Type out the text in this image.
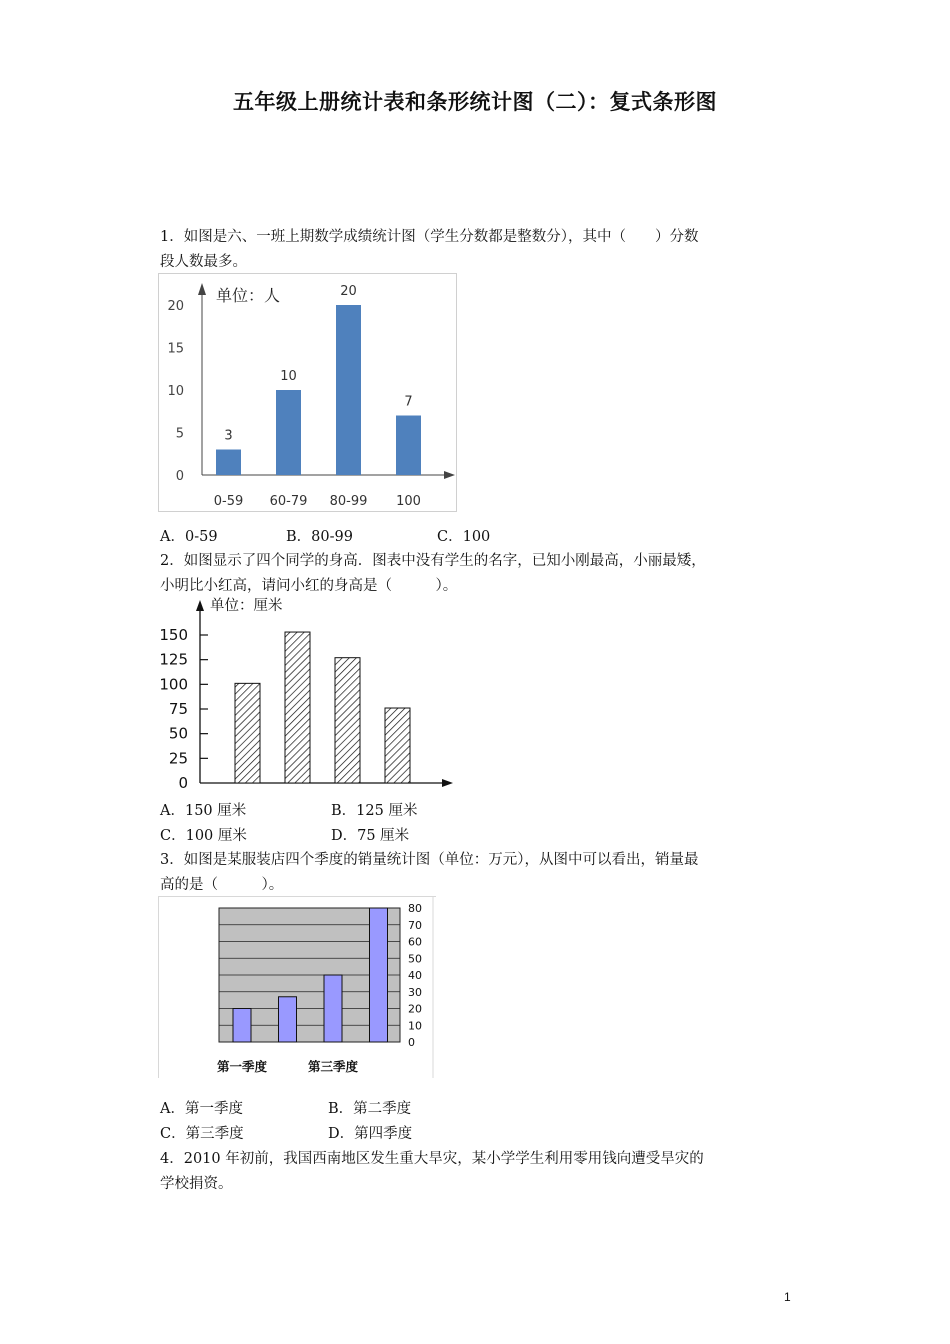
五年级上册统计表和条形统计图（二）：复式条形图
1．如图是六、一班上期数学成绩统计图（学生分数都是整数分），其中（　　）分数
段人数最多。
0
5
10
15
20
单位：人
3
0-59
10
60-79
20
80-99
7
100
A．0-59	B．80-99	C．100
2．如图显示了四个同学的身高．图表中没有学生的名字，已知小刚最高，小丽最矮，
小明比小红高，请问小红的身高是（　　　）。
单位：厘米
0
25
50
75
100
125
150
A．150 厘米	B．125 厘米
C．100 厘米	D．75 厘米
3．如图是某服装店四个季度的销量统计图（单位：万元），从图中可以看出，销量最
高的是（　　　）。
0
10
20
30
40
50
60
70
80
第一季度	第三季度
A．第一季度	B．第二季度
C．第三季度	D．第四季度
4．2010 年初前，我国西南地区发生重大旱灾，某小学学生利用零用钱向遭受旱灾的
学校捐资。
1
